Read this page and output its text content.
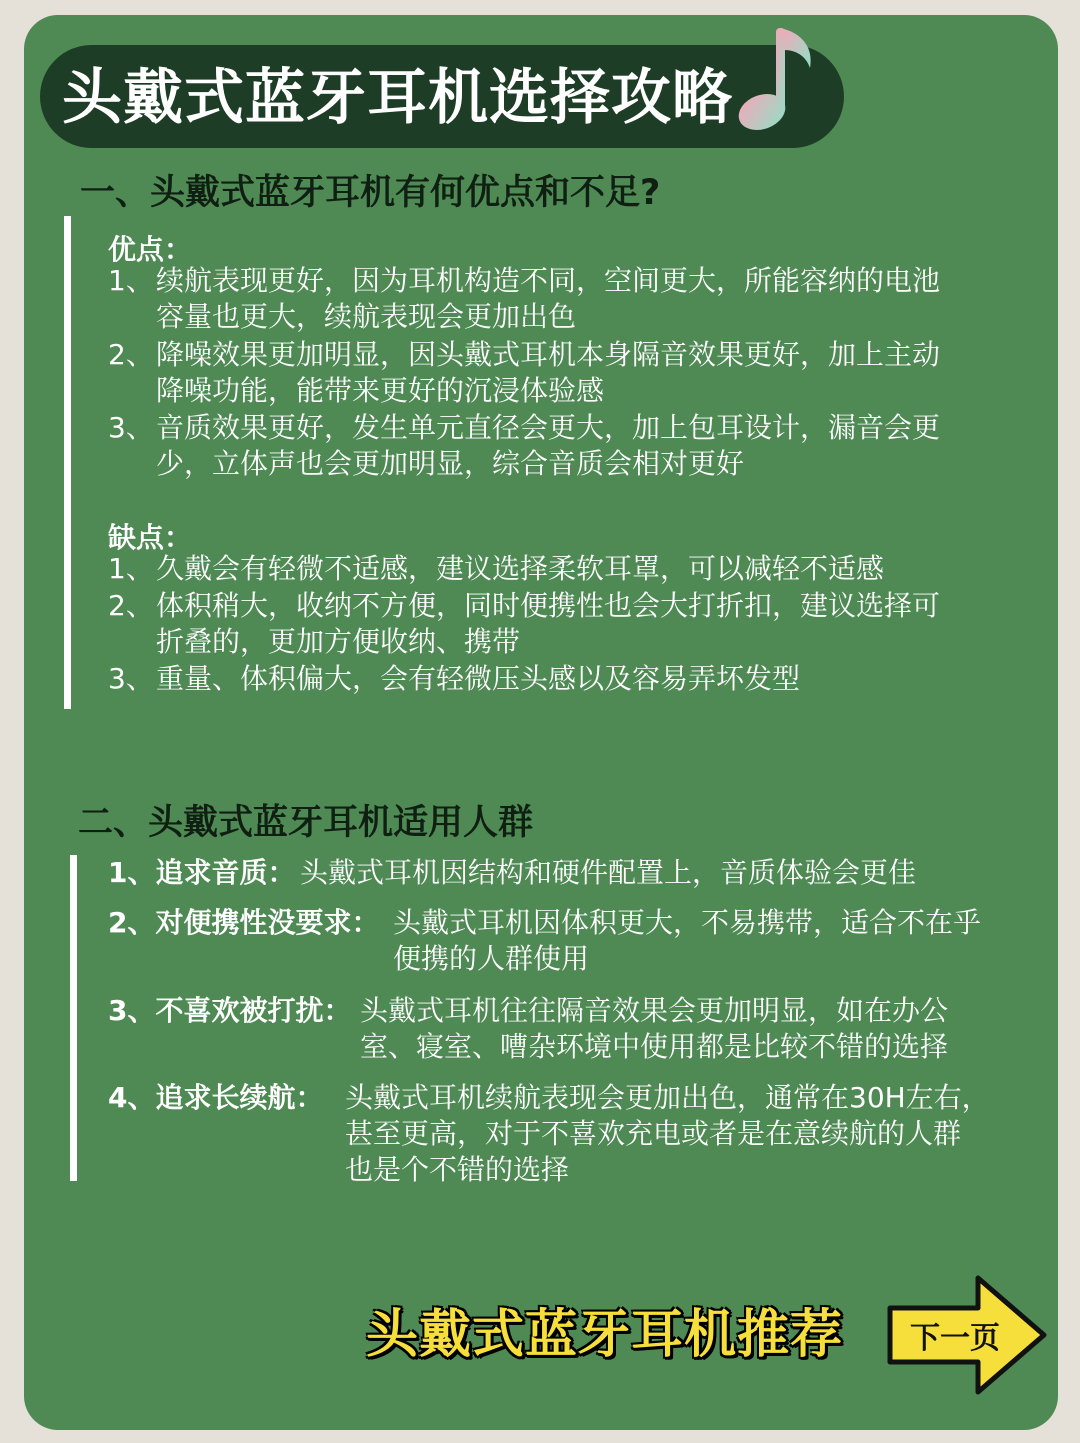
头戴式蓝牙耳机选择攻略
一、头戴式蓝牙耳机有何优点和不足?
优点：
1、续航表现更好，因为耳机构造不同，空间更大，所能容纳的电池
容量也更大，续航表现会更加出色
2、降噪效果更加明显，因头戴式耳机本身隔音效果更好，加上主动
降噪功能，能带来更好的沉浸体验感
3、音质效果更好，发生单元直径会更大，加上包耳设计，漏音会更
少，立体声也会更加明显，综合音质会相对更好
缺点：
1、久戴会有轻微不适感，建议选择柔软耳罩，可以减轻不适感
2、体积稍大，收纳不方便，同时便携性也会大打折扣，建议选择可
折叠的，更加方便收纳、携带
3、重量、体积偏大，会有轻微压头感以及容易弄坏发型
二、头戴式蓝牙耳机适用人群
1、追求音质： 头戴式耳机因结构和硬件配置上，音质体验会更佳
2、对便携性没要求： 头戴式耳机因体积更大，不易携带，适合不在乎
便携的人群使用
3、不喜欢被打扰： 头戴式耳机往往隔音效果会更加明显，如在办公
室、寝室、嘈杂环境中使用都是比较不错的选择
4、追求长续航： 头戴式耳机续航表现会更加出色，通常在30H左右，
甚至更高，对于不喜欢充电或者是在意续航的人群
也是个不错的选择
头戴式蓝牙耳机推荐	下一页
